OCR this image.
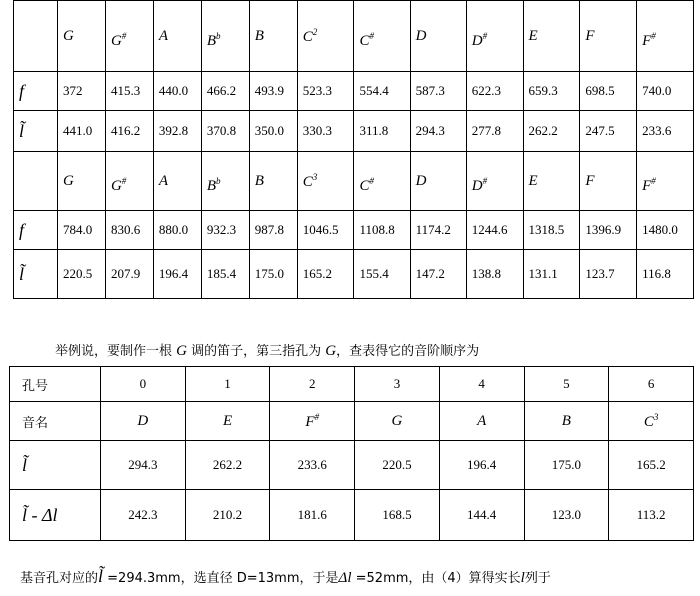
	G	G#	A	$B^b$	B	$C^2$	C#	D	D#	E	F	F#
f	372	415.3	440.0	466.2	493.9	523.3	554.4	587.3	622.3	659.3	698.5	740.0
l̃	441.0	416.2	392.8	370.8	350.0	330.3	311.8	294.3	277.8	262.2	247.5	233.6
	G	G#	A	$B^b$	B	$C^3$	C#	D	D#	E	F	F#
f	784.0	830.6	880.0	932.3	987.8	1046.5	1108.8	1174.2	1244.6	1318.5	1396.9	1480.0
l̃	220.5	207.9	196.4	185.4	175.0	165.2	155.4	147.2	138.8	131.1	123.7	116.8
举例说，要制作一根 G 调的笛子，第三指孔为 G，查表得它的音阶顺序为
孔号	0	1	2	3	4	5	6
音名	D	E	F#	G	A	B	$C^3$
l̃	294.3	262.2	233.6	220.5	196.4	175.0	165.2
l̃ - Δl	242.3	210.2	181.6	168.5	144.4	123.0	113.2
基音孔对应的l̃ =294.3mm，选直径 D=13mm，于是Δl =52mm，由（4）算得实长l列于
